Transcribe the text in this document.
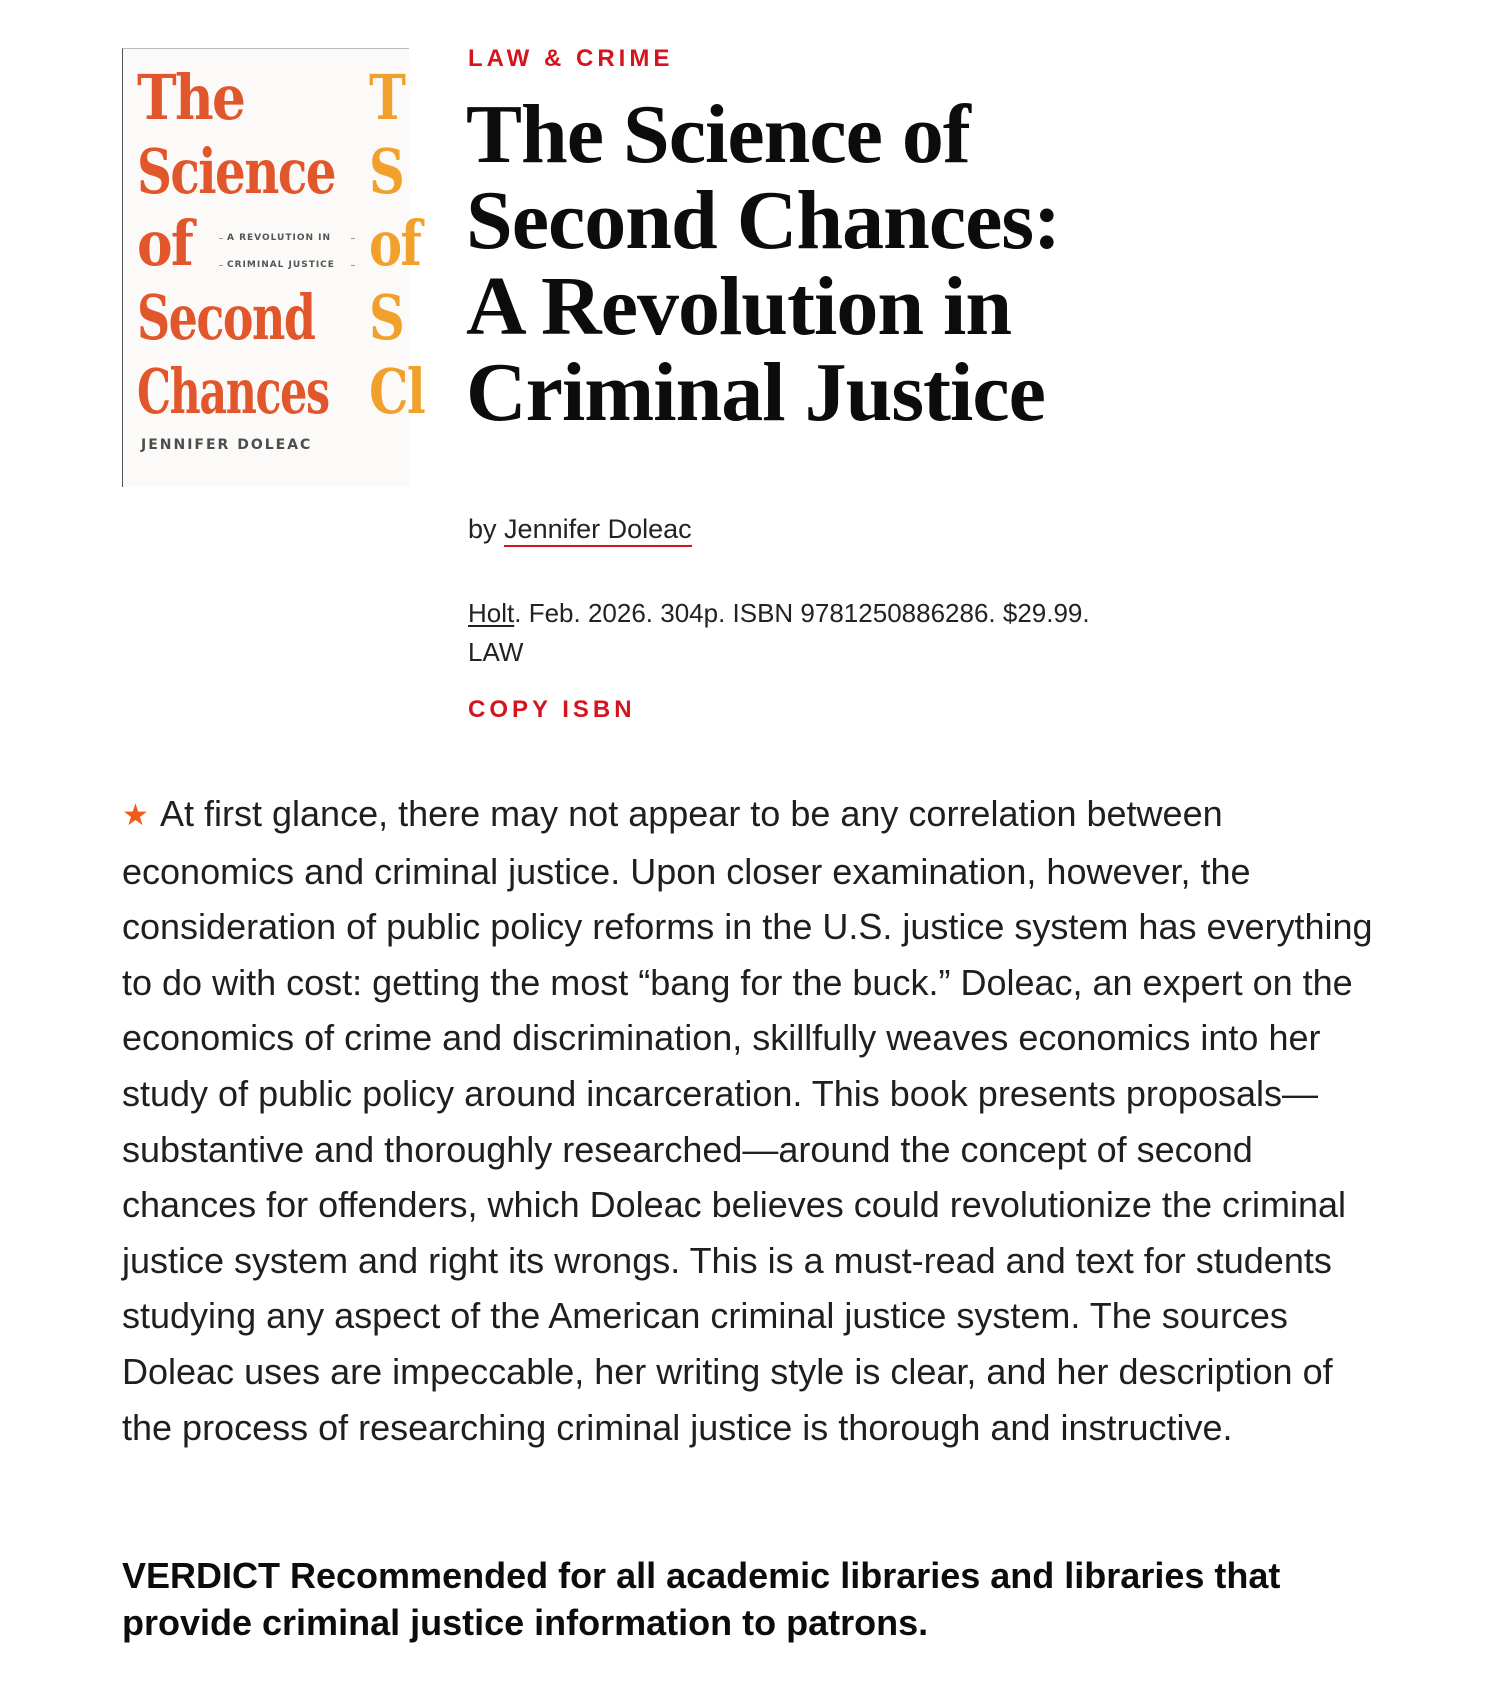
The
Science
of
Second
Chances
A REVOLUTION IN
CRIMINAL JUSTICE
JENNIFER DOLEAC
T
S
of
S
Cl
LAW & CRIME
The Science of
Second Chances:
A Revolution in
Criminal Justice
by Jennifer Doleac
Holt. Feb. 2026. 304p. ISBN 9781250886286. $29.99. LAW
COPY ISBN

★ At first glance, there may not appear to be any correlation between economics and criminal justice. Upon closer examination, however, the consideration of public policy reforms in the U.S. justice system has everything to do with cost: getting the most “bang for the buck.” Doleac, an expert on the economics of crime and discrimination, skillfully weaves economics into her study of public policy around incarceration. This book presents proposals—substantive and thoroughly researched—around the concept of second chances for offenders, which Doleac believes could revolutionize the criminal justice system and right its wrongs. This is a must-read and text for students studying any aspect of the American criminal justice system. The sources Doleac uses are impeccable, her writing style is clear, and her description of the process of researching criminal justice is thorough and instructive.

VERDICT Recommended for all academic libraries and libraries that provide criminal justice information to patrons.
